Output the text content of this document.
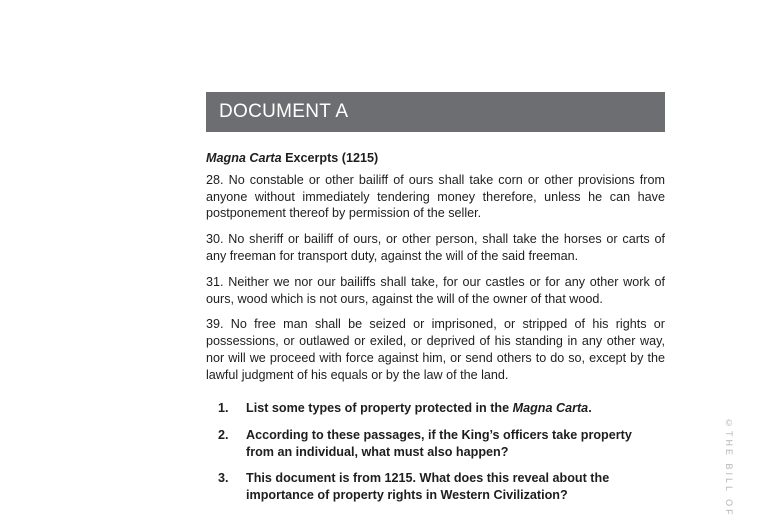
DOCUMENT A

Magna Carta Excerpts (1215)

28. No constable or other bailiff of ours shall take corn or other provisions from anyone without immediately tendering money therefore, unless he can have postponement thereof by permission of the seller.

30. No sheriff or bailiff of ours, or other person, shall take the horses or carts of any freeman for transport duty, against the will of the said freeman.

31. Neither we nor our bailiffs shall take, for our castles or for any other work of ours, wood which is not ours, against the will of the owner of that wood.

39. No free man shall be seized or imprisoned, or stripped of his rights or possessions, or outlawed or exiled, or deprived of his standing in any other way, nor will we proceed with force against him, or send others to do so, except by the lawful judgment of his equals or by the law of the land.

1.	List some types of property protected in the Magna Carta.
2.	According to these passages, if the King’s officers take property from an individual, what must also happen?
3.	This document is from 1215. What does this reveal about the importance of property rights in Western Civilization?	©THE BILL OF
